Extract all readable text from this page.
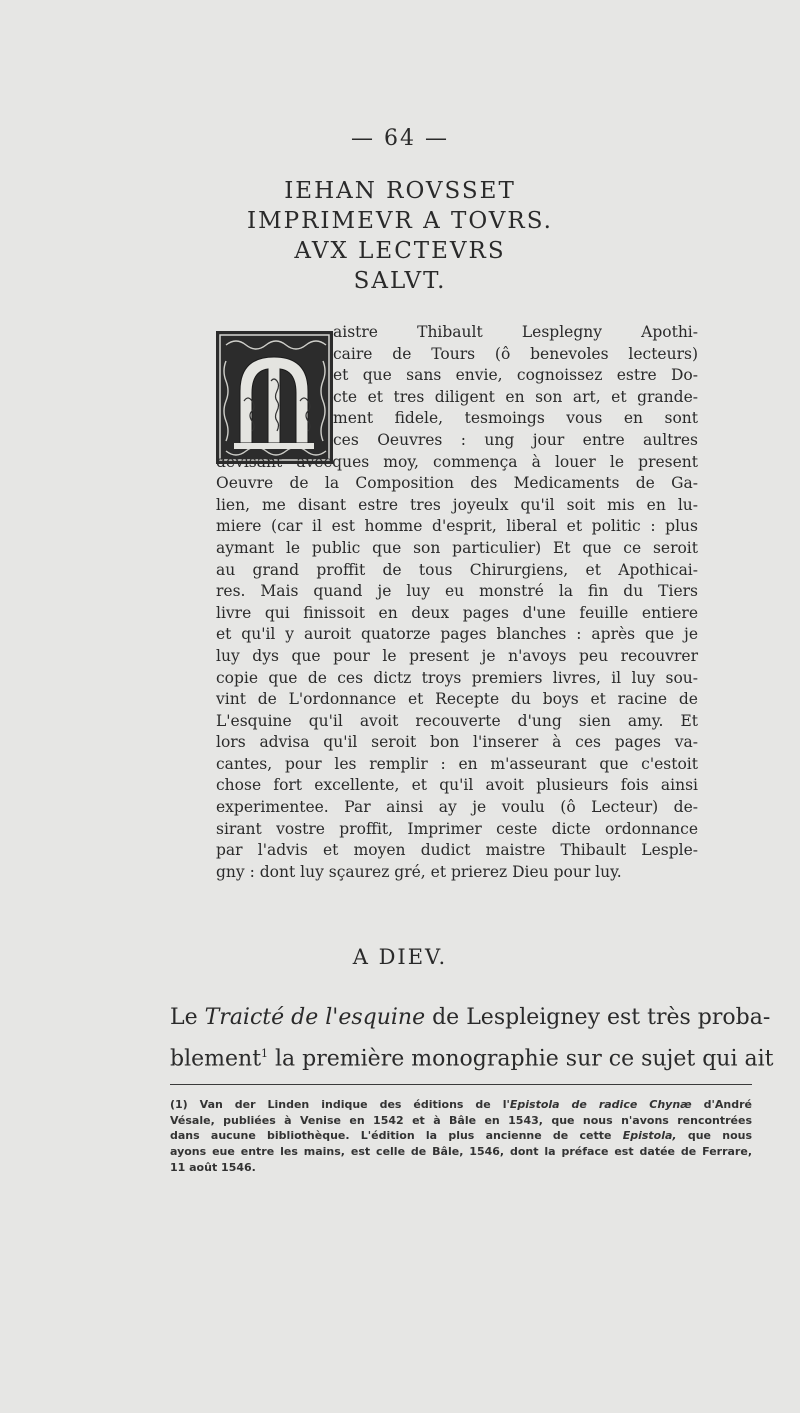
— 64 —
IEHAN ROVSSET
IMPRIMEVR A TOVRS.
AVX LECTEVRS
SALVT.
aistre Thibault Lesplegny Apothi-
caire de Tours (ô benevoles lecteurs)
et que sans envie, cognoissez estre Do-
cte et tres diligent en son art, et grande-
ment fidele, tesmoings vous en sont
ces Oeuvres : ung jour entre aultres
devisant avecques moy, commença à louer le present
Oeuvre de la Composition des Medicaments de Ga-
lien, me disant estre tres joyeulx qu'il soit mis en lu-
miere (car il est homme d'esprit, liberal et politic : plus
aymant le public que son particulier) Et que ce seroit
au grand proffit de tous Chirurgiens, et Apothicai-
res. Mais quand je luy eu monstré la fin du Tiers
livre qui finissoit en deux pages d'une feuille entiere
et qu'il y auroit quatorze pages blanches : après que je
luy dys que pour le present je n'avoys peu recouvrer
copie que de ces dictz troys premiers livres, il luy sou-
vint de L'ordonnance et Recepte du boys et racine de
L'esquine qu'il avoit recouverte d'ung sien amy. Et
lors advisa qu'il seroit bon l'inserer à ces pages va-
cantes, pour les remplir : en m'asseurant que c'estoit
chose fort excellente, et qu'il avoit plusieurs fois ainsi
experimentee. Par ainsi ay je voulu (ô Lecteur) de-
sirant vostre proffit, Imprimer ceste dicte ordonnance
par l'advis et moyen dudict maistre Thibault Lesple-
gny : dont luy sçaurez gré, et prierez Dieu pour luy.
A DIEV.
Le Traicté de l'esquine de Lespleigney est très proba-
blement$^1$ la première monographie sur ce sujet qui ait
(1) Van der Linden indique des éditions de l'Epistola de radice Chynæ d'André
Vésale, publiées à Venise en 1542 et à Bâle en 1543, que nous n'avons rencontrées
dans aucune bibliothèque. L'édition la plus ancienne de cette Epistola, que nous
ayons eue entre les mains, est celle de Bâle, 1546, dont la préface est datée de Ferrare,
11 août 1546.
